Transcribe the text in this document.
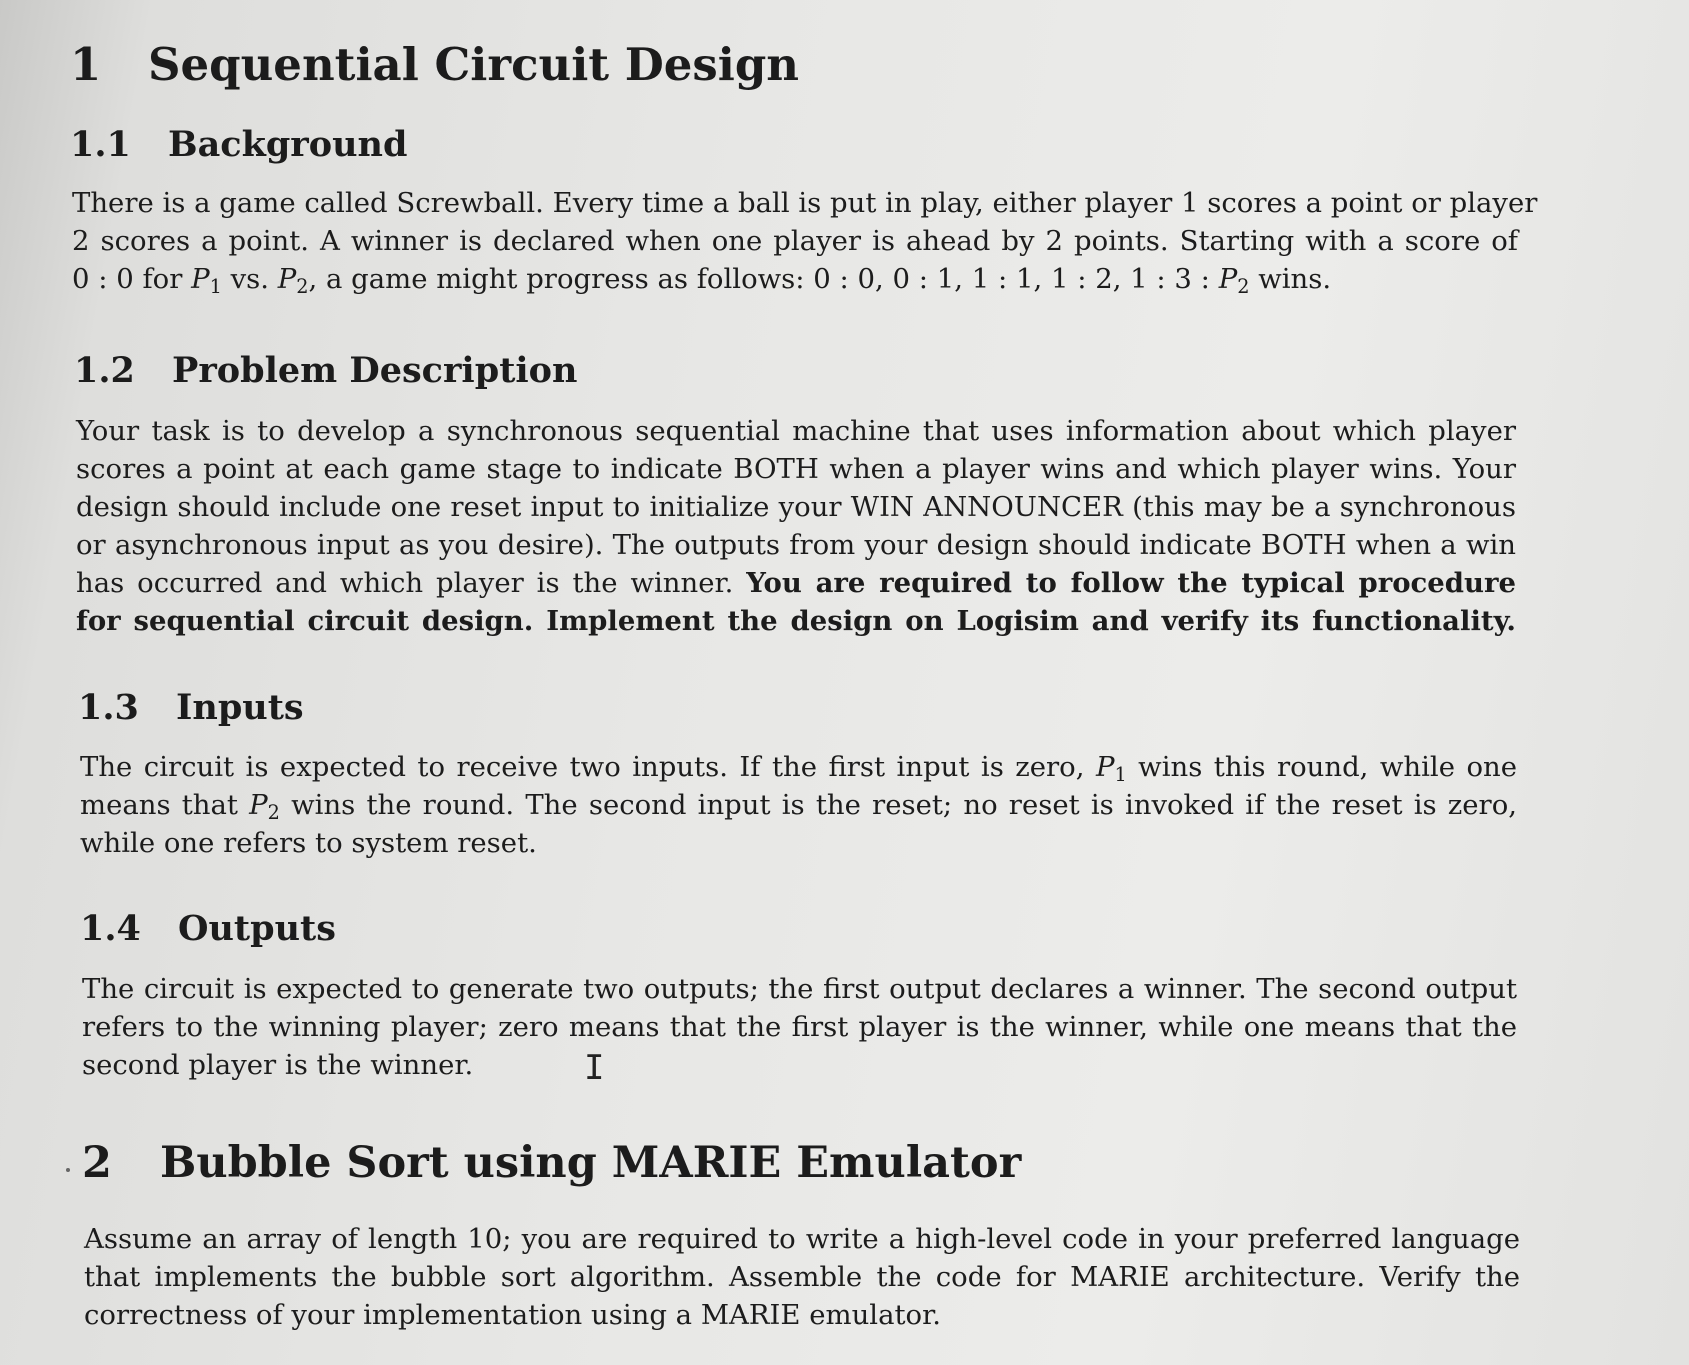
1 Sequential Circuit Design
1.1 Background
There is a game called Screwball. Every time a ball is put in play, either player 1 scores a point or player
2 scores a point. A winner is declared when one player is ahead by 2 points. Starting with a score of
0 : 0 for $P_1$ vs. $P_2$, a game might progress as follows: 0 : 0, 0 : 1, 1 : 1, 1 : 2, 1 : 3 : $P_2$ wins.
1.2 Problem Description
Your task is to develop a synchronous sequential machine that uses information about which player
scores a point at each game stage to indicate BOTH when a player wins and which player wins. Your
design should include one reset input to initialize your WIN ANNOUNCER (this may be a synchronous
or asynchronous input as you desire). The outputs from your design should indicate BOTH when a win
has occurred and which player is the winner. You are required to follow the typical procedure
for sequential circuit design. Implement the design on Logisim and verify its functionality.
1.3 Inputs
The circuit is expected to receive two inputs. If the first input is zero, $P_1$ wins this round, while one
means that $P_2$ wins the round. The second input is the reset; no reset is invoked if the reset is zero,
while one refers to system reset.
1.4 Outputs
The circuit is expected to generate two outputs; the first output declares a winner. The second output
refers to the winning player; zero means that the first player is the winner, while one means that the
second player is the winner.	I
2 Bubble Sort using MARIE Emulator
Assume an array of length 10; you are required to write a high-level code in your preferred language
that implements the bubble sort algorithm. Assemble the code for MARIE architecture. Verify the
correctness of your implementation using a MARIE emulator.
